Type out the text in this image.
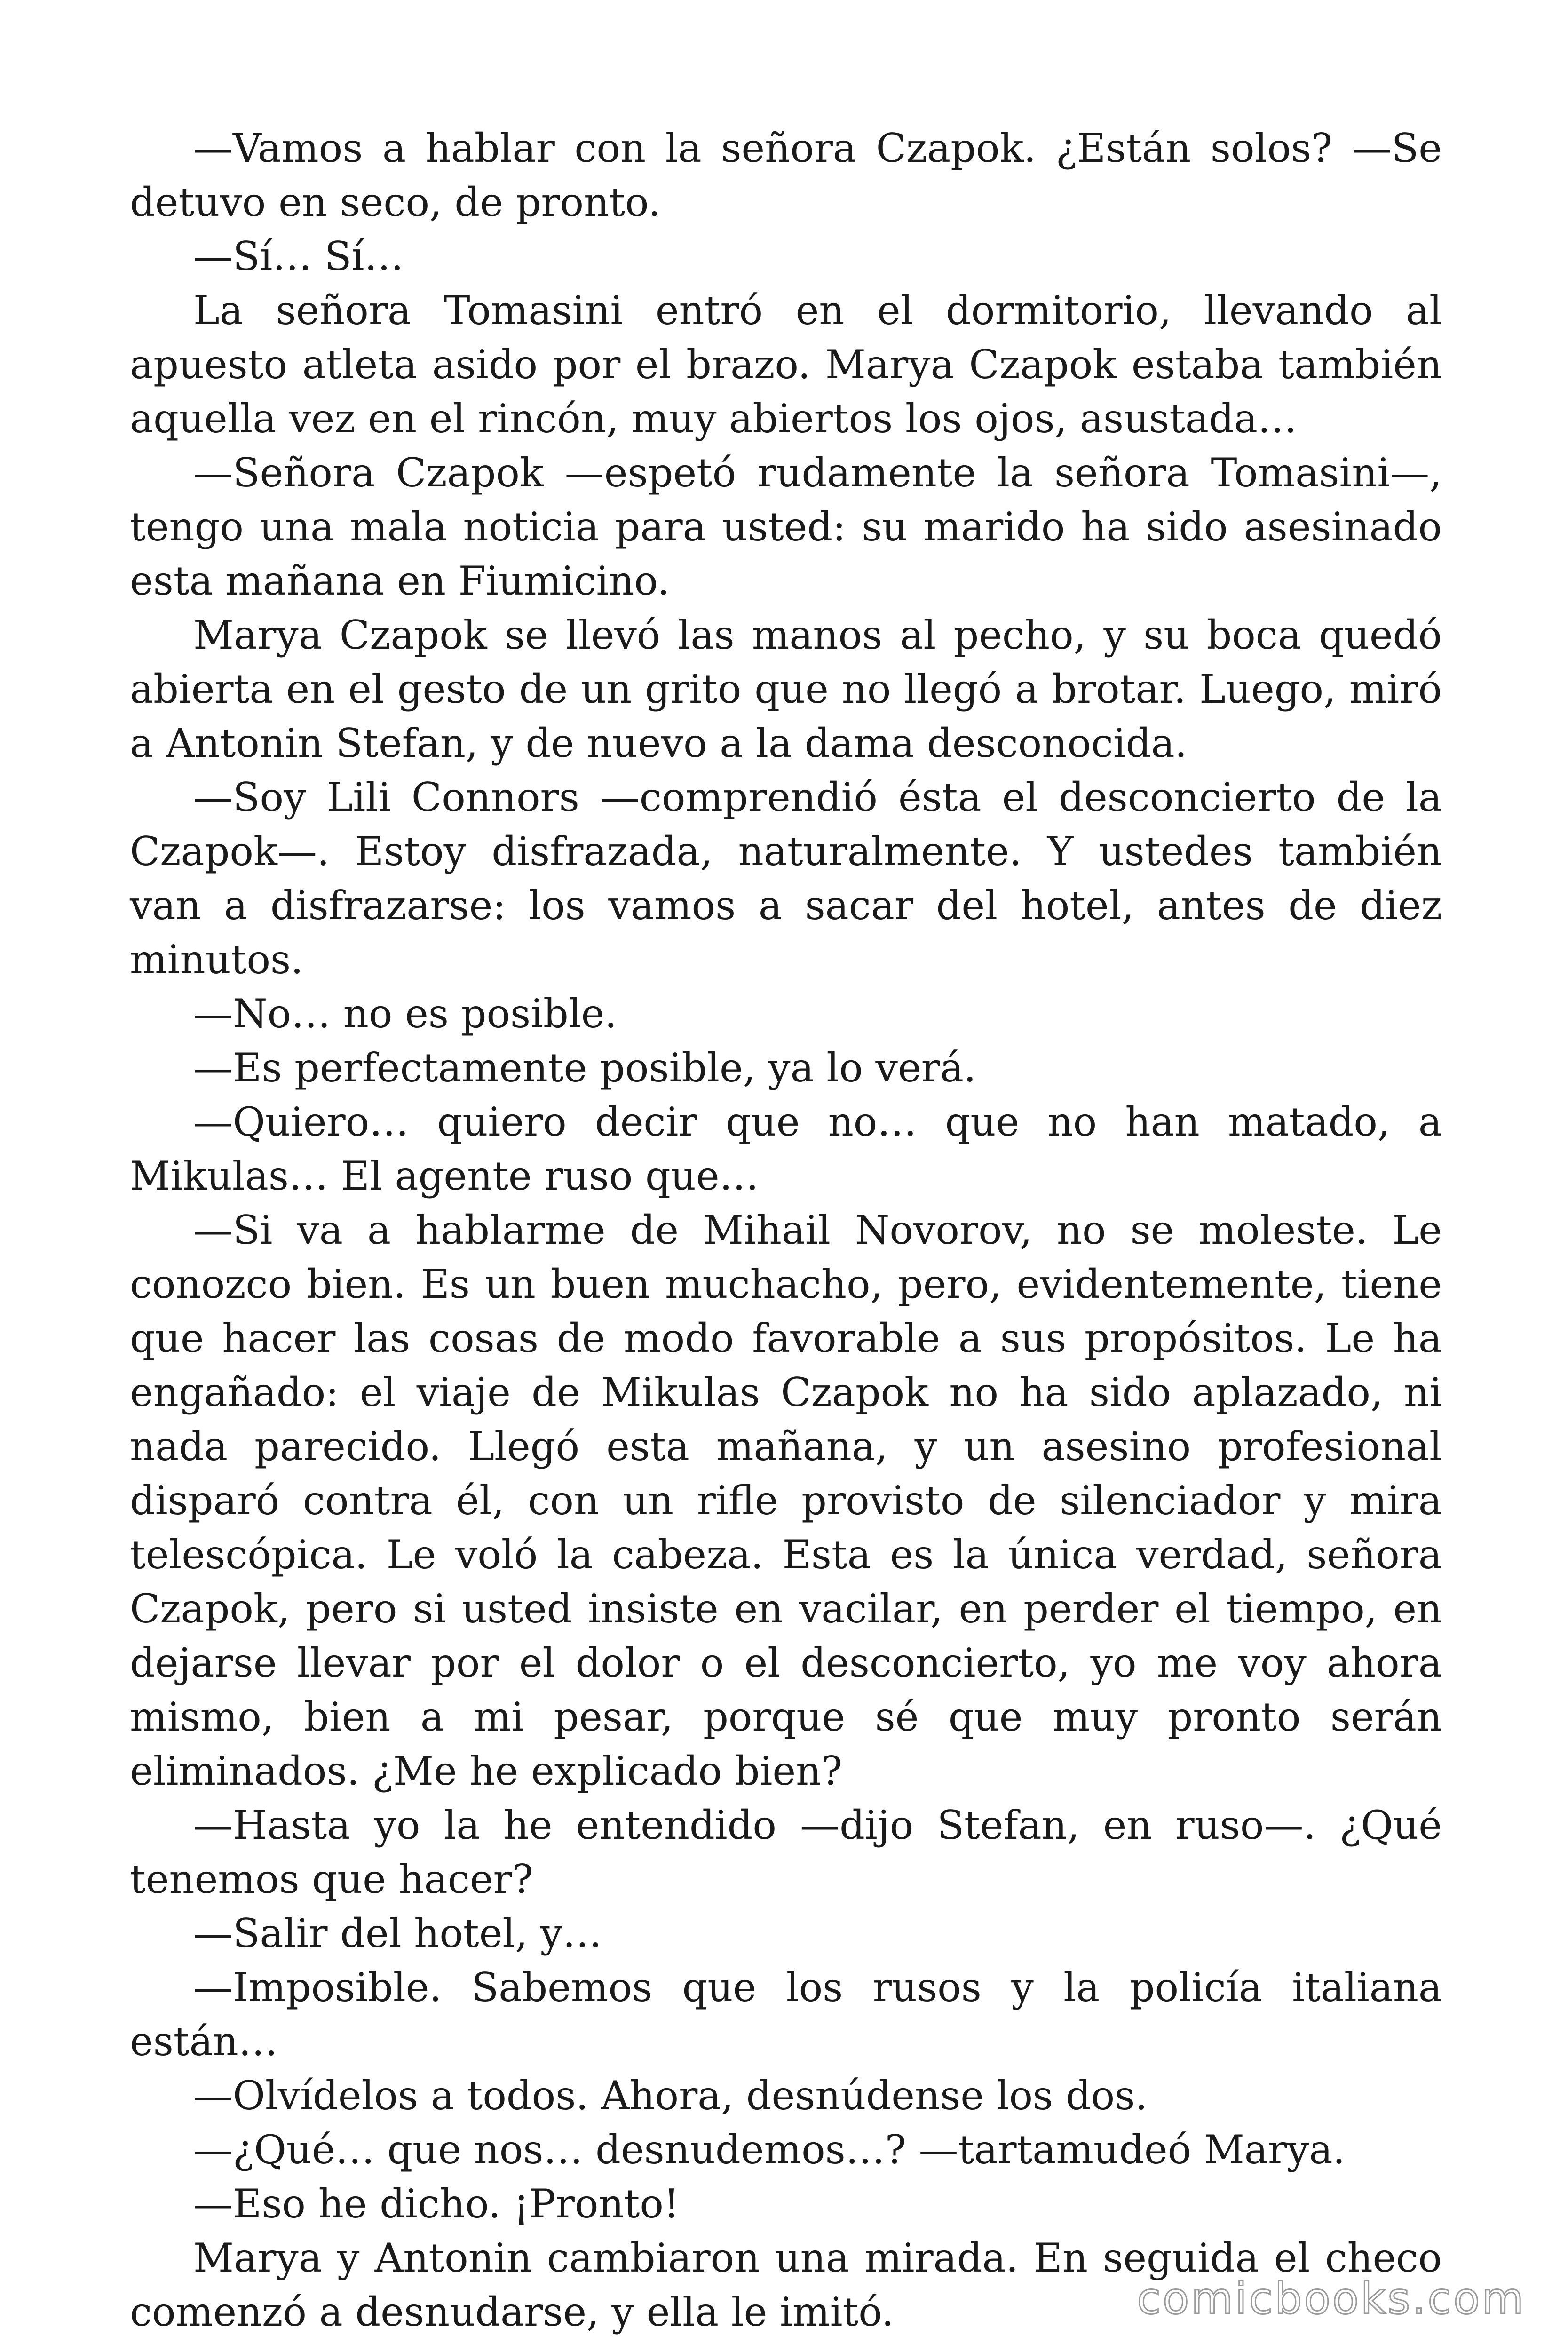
—Vamos a hablar con la señora Czapok. ¿Están solos? —Se detuvo en seco, de pronto.

—Sí… Sí…

La señora Tomasini entró en el dormitorio, llevando al apuesto atleta asido por el brazo. Marya Czapok estaba también aquella vez en el rincón, muy abiertos los ojos, asustada…

—Señora Czapok —espetó rudamente la señora Tomasini—, tengo una mala noticia para usted: su marido ha sido asesinado esta mañana en Fiumicino.

Marya Czapok se llevó las manos al pecho, y su boca quedó abierta en el gesto de un grito que no llegó a brotar. Luego, miró a Antonin Stefan, y de nuevo a la dama desconocida.

—Soy Lili Connors —comprendió ésta el desconcierto de la Czapok—. Estoy disfrazada, naturalmente. Y ustedes también van a disfrazarse: los vamos a sacar del hotel, antes de diez minutos.

—No… no es posible.

—Es perfectamente posible, ya lo verá.

—Quiero… quiero decir que no… que no han matado, a Mikulas… El agente ruso que…

—Si va a hablarme de Mihail Novorov, no se moleste. Le conozco bien. Es un buen muchacho, pero, evidentemente, tiene que hacer las cosas de modo favorable a sus propósitos. Le ha engañado: el viaje de Mikulas Czapok no ha sido aplazado, ni nada parecido. Llegó esta mañana, y un asesino profesional disparó contra él, con un rifle provisto de silenciador y mira telescópica. Le voló la cabeza. Esta es la única verdad, señora Czapok, pero si usted insiste en vacilar, en perder el tiempo, en dejarse llevar por el dolor o el desconcierto, yo me voy ahora mismo, bien a mi pesar, porque sé que muy pronto serán eliminados. ¿Me he explicado bien?

—Hasta yo la he entendido —dijo Stefan, en ruso—. ¿Qué tenemos que hacer?

—Salir del hotel, y…

—Imposible. Sabemos que los rusos y la policía italiana están…

—Olvídelos a todos. Ahora, desnúdense los dos.

—¿Qué… que nos… desnudemos…? —tartamudeó Marya.

—Eso he dicho. ¡Pronto!

Marya y Antonin cambiaron una mirada. En seguida el checo comenzó a desnudarse, y ella le imitó.	comicbooks.com
